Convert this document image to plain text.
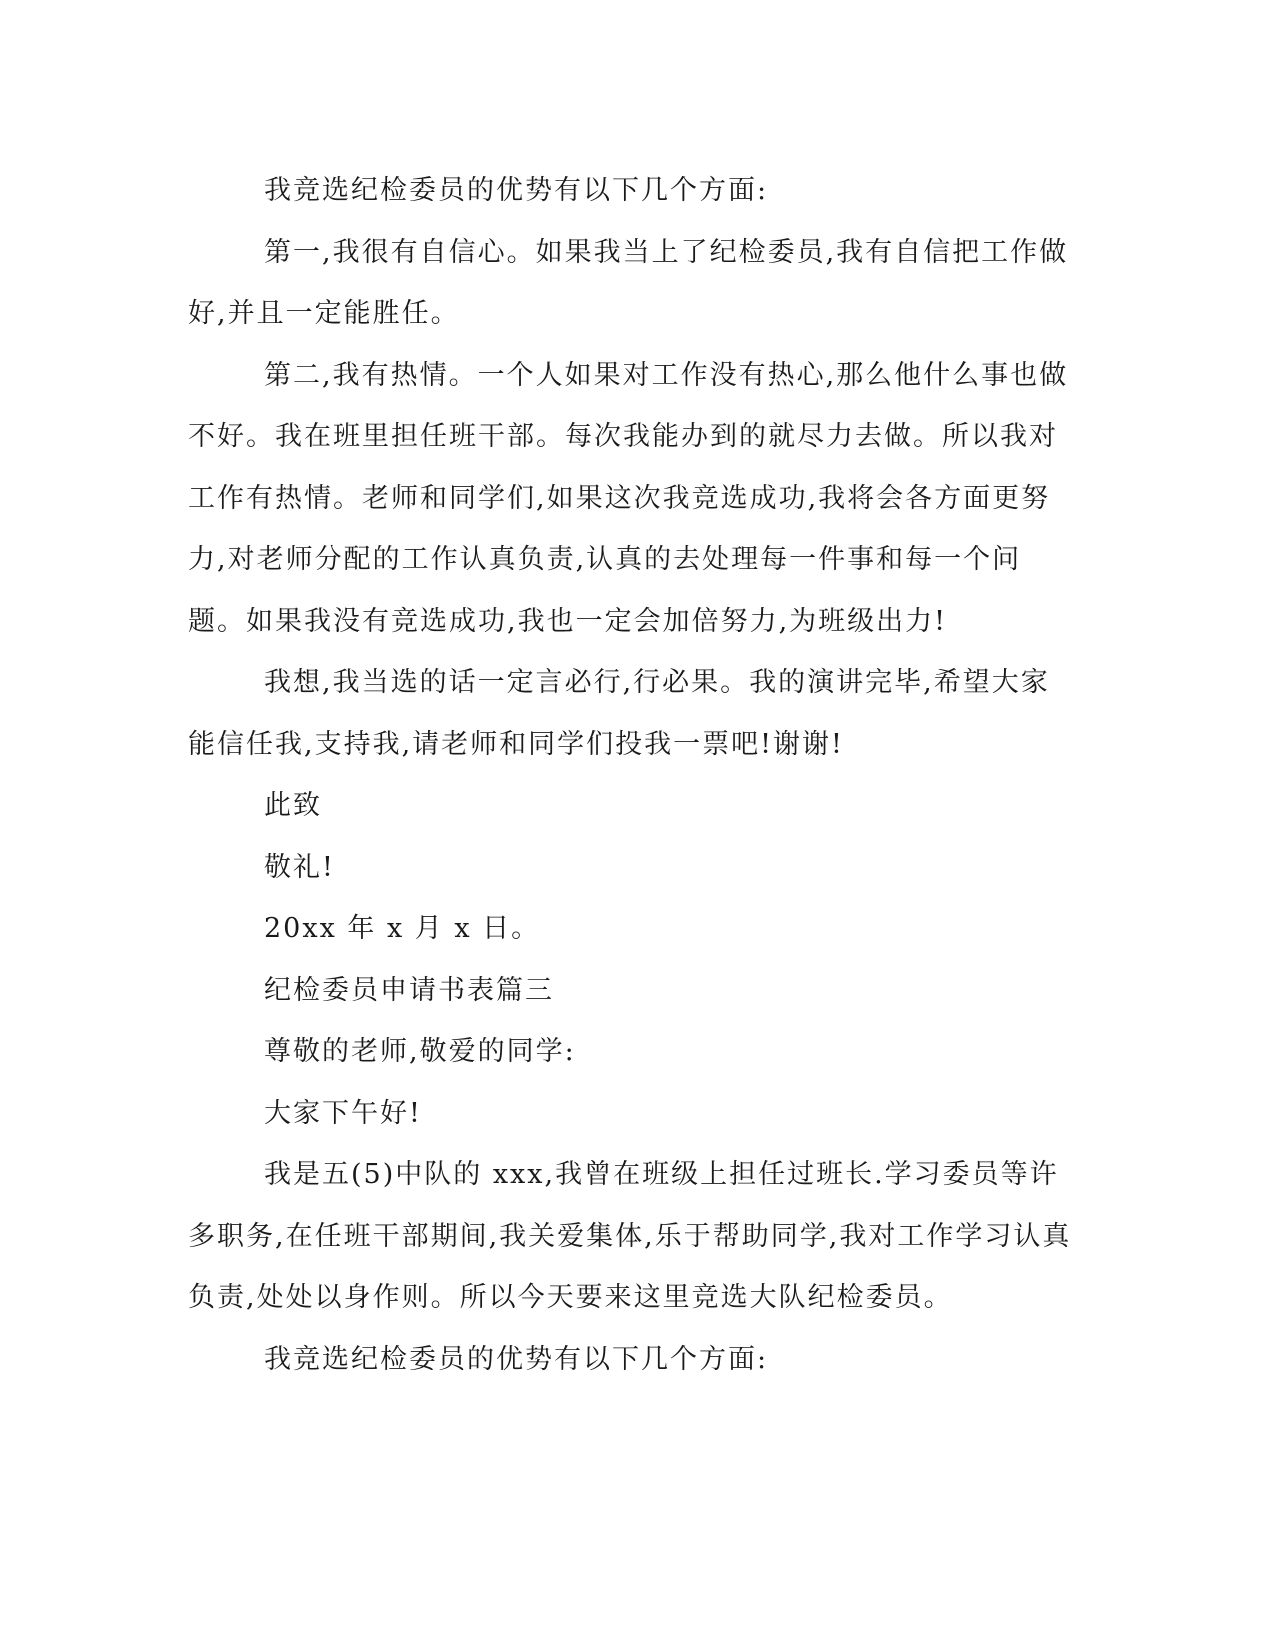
我竞选纪检委员的优势有以下几个方面:

第一,我很有自信心。如果我当上了纪检委员,我有自信把工作做好,并且一定能胜任。

第二,我有热情。一个人如果对工作没有热心,那么他什么事也做不好。我在班里担任班干部。每次我能办到的就尽力去做。所以我对工作有热情。老师和同学们,如果这次我竞选成功,我将会各方面更努力,对老师分配的工作认真负责,认真的去处理每一件事和每一个问题。如果我没有竞选成功,我也一定会加倍努力,为班级出力!

我想,我当选的话一定言必行,行必果。我的演讲完毕,希望大家能信任我,支持我,请老师和同学们投我一票吧!谢谢!

此致

敬礼!

20xx 年 x 月 x 日。

纪检委员申请书表篇三

尊敬的老师,敬爱的同学:

大家下午好!

我是五(5)中队的 xxx,我曾在班级上担任过班长.学习委员等许多职务,在任班干部期间,我关爱集体,乐于帮助同学,我对工作学习认真负责,处处以身作则。所以今天要来这里竞选大队纪检委员。

我竞选纪检委员的优势有以下几个方面:
